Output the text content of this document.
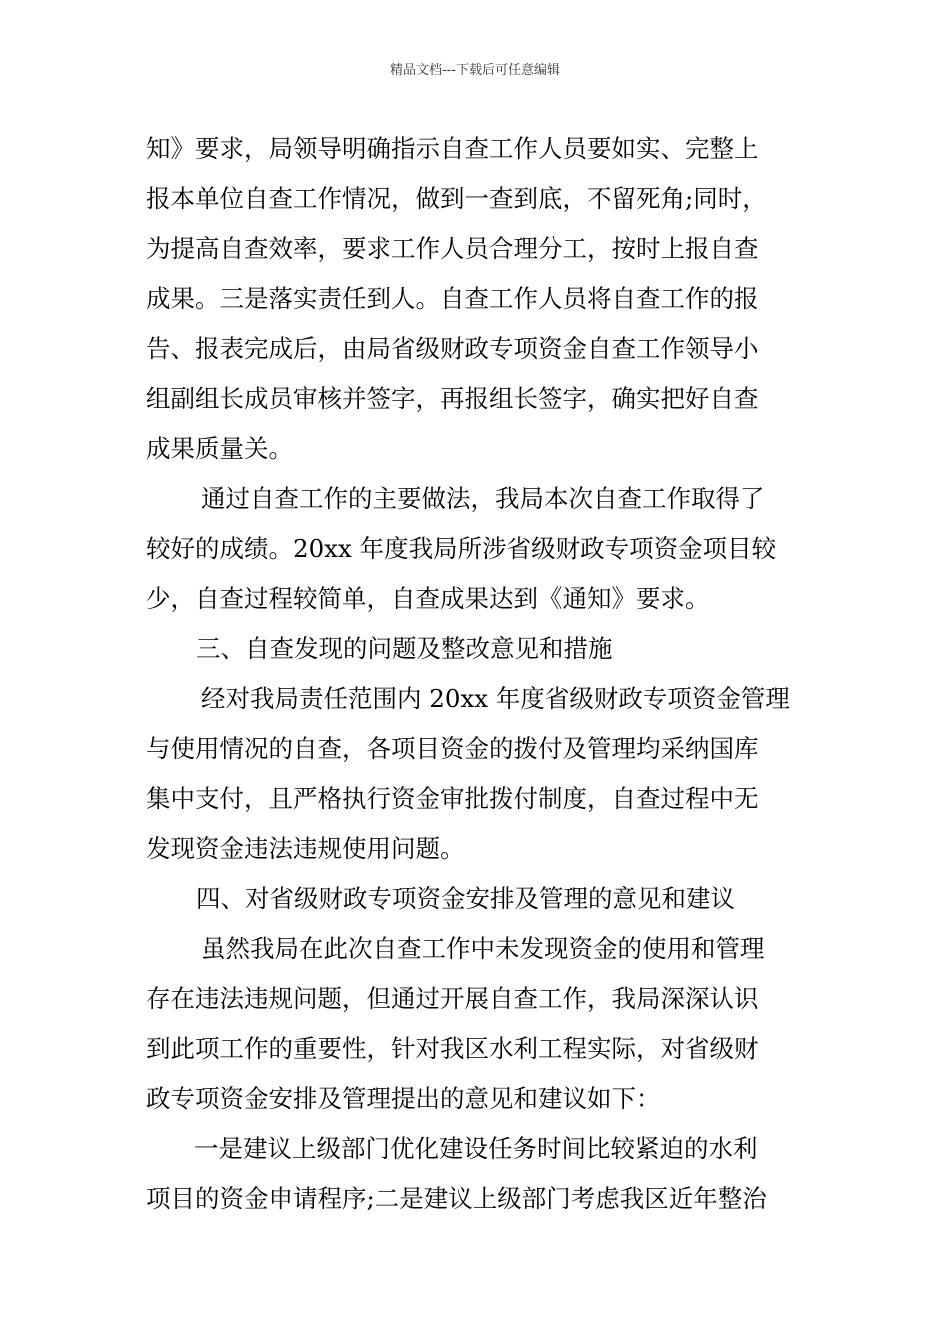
精品文档---下载后可任意编辑
知》要求，局领导明确指示自查工作人员要如实、完整上
报本单位自查工作情况，做到一查到底，不留死角;同时，
为提高自查效率，要求工作人员合理分工，按时上报自查
成果。三是落实责任到人。自查工作人员将自查工作的报
告、报表完成后，由局省级财政专项资金自查工作领导小
组副组长成员审核并签字，再报组长签字，确实把好自查
成果质量关。
通过自查工作的主要做法，我局本次自查工作取得了
较好的成绩。20xx 年度我局所涉省级财政专项资金项目较
少，自查过程较简单，自查成果达到《通知》要求。
三、自查发现的问题及整改意见和措施
经对我局责任范围内 20xx 年度省级财政专项资金管理
与使用情况的自查，各项目资金的拨付及管理均采纳国库
集中支付，且严格执行资金审批拨付制度，自查过程中无
发现资金违法违规使用问题。
四、对省级财政专项资金安排及管理的意见和建议
虽然我局在此次自查工作中未发现资金的使用和管理
存在违法违规问题，但通过开展自查工作，我局深深认识
到此项工作的重要性，针对我区水利工程实际，对省级财
政专项资金安排及管理提出的意见和建议如下：
一是建议上级部门优化建设任务时间比较紧迫的水利
项目的资金申请程序;二是建议上级部门考虑我区近年整治
